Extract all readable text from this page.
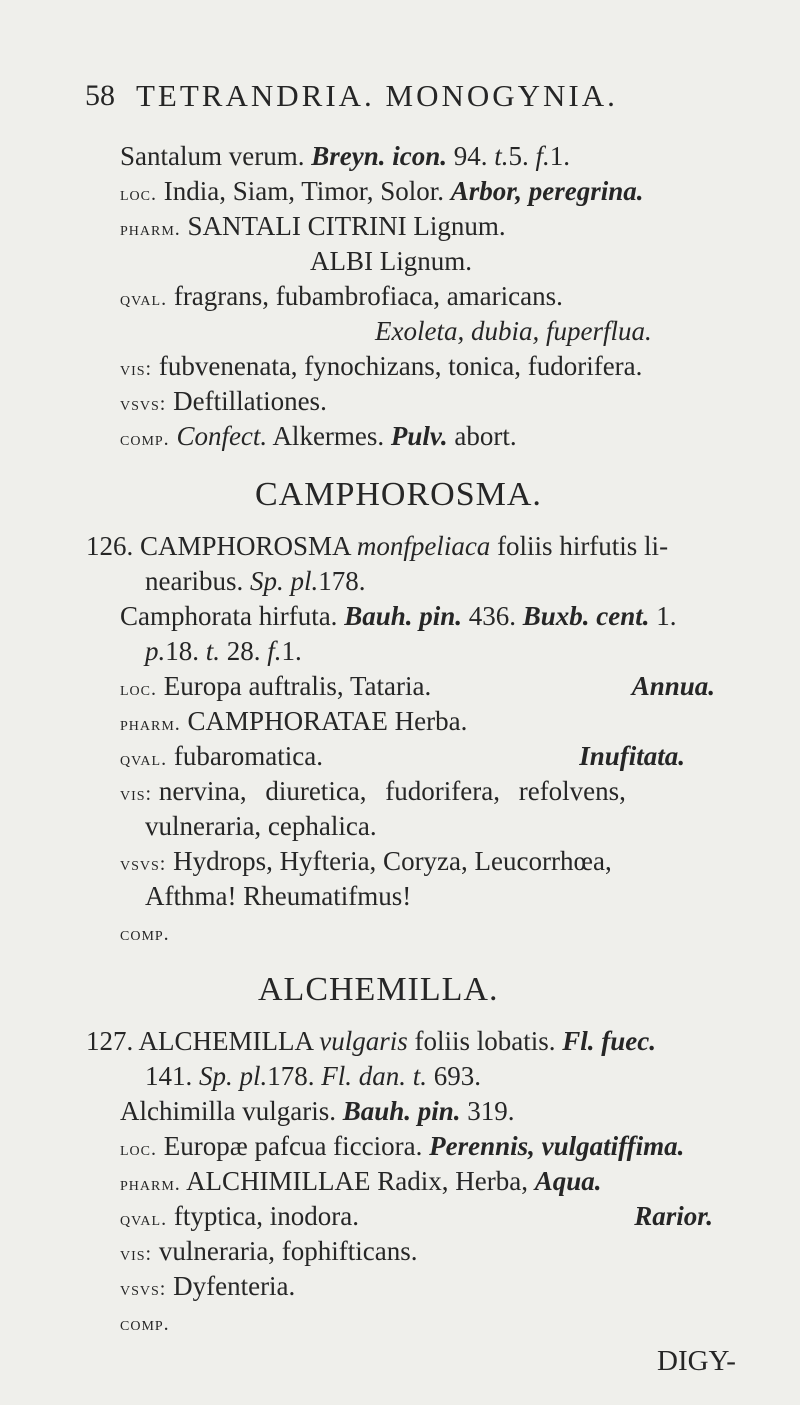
58 TETRANDRIA. MONOGYNIA.
Santalum verum. Breyn. icon. 94. t.5. f.1.
loc. India, Siam, Timor, Solor. Arbor, peregrina.
pharm. SANTALI CITRINI Lignum.
ALBI Lignum.
qval. fragrans, fubambrofiaca, amaricans.
Exoleta, dubia, fuperflua.
vis: fubvenenata, fynochizans, tonica, fudorifera.
vsvs: Deftillationes.
comp. Confect. Alkermes. Pulv. abort.
CAMPHOROSMA.
126. CAMPHOROSMA monfpeliaca foliis hirfutis li-
nearibus. Sp. pl.178.
Camphorata hirfuta. Bauh. pin. 436. Buxb. cent. 1.
p.18. t. 28. f.1.
loc. Europa auftralis, Tataria.	Annua.
pharm. CAMPHORATAE Herba.
qval. fubaromatica.	Inufitata.
vis: nervina, diuretica, fudorifera, refolvens,
vulneraria, cephalica.
vsvs: Hydrops, Hyfteria, Coryza, Leucorrhœa,
Afthma! Rheumatifmus!
comp.
ALCHEMILLA.
127. ALCHEMILLA vulgaris foliis lobatis. Fl. fuec.
141. Sp. pl.178. Fl. dan. t. 693.
Alchimilla vulgaris. Bauh. pin. 319.
loc. Europæ pafcua ficciora. Perennis, vulgatiffima.
pharm. ALCHIMILLAE Radix, Herba, Aqua.
qval. ftyptica, inodora.	Rarior.
vis: vulneraria, fophifticans.
vsvs: Dyfenteria.
comp.
DIGY-
